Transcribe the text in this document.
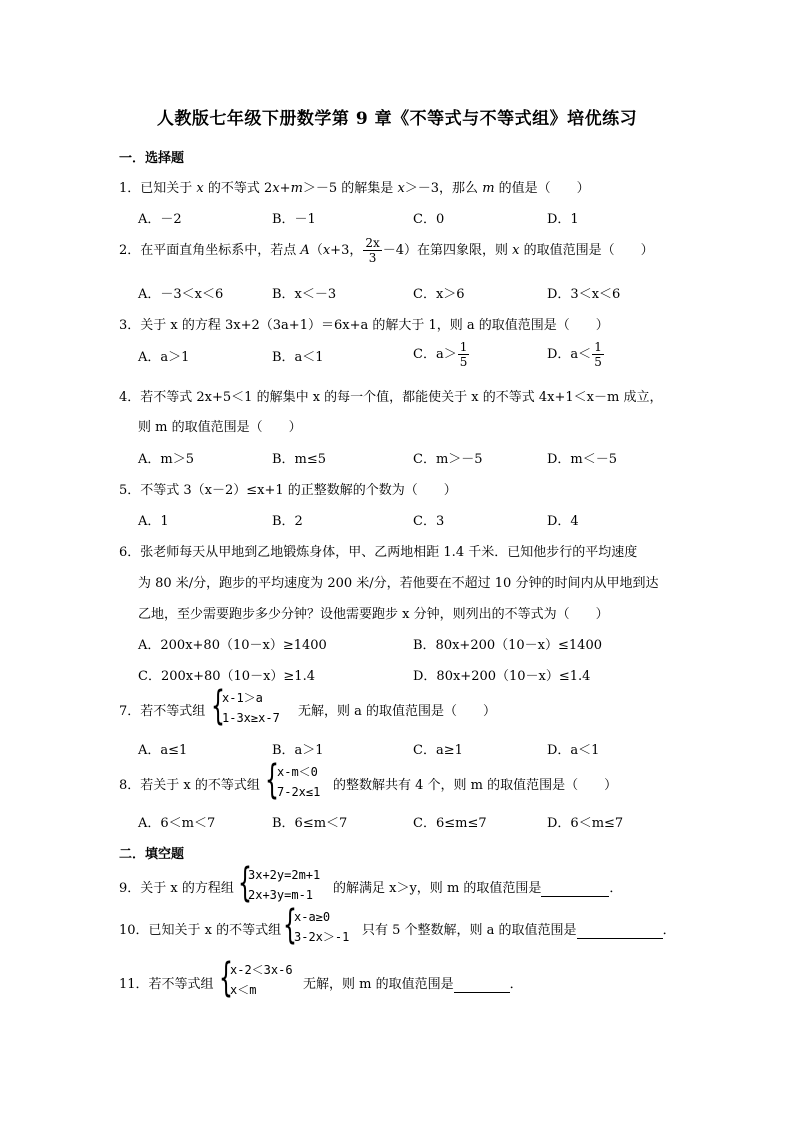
人教版七年级下册数学第 9 章《不等式与不等式组》培优练习
一．选择题
1．已知关于 x 的不等式 2x+m＞－5 的解集是 x＞－3，那么 m 的值是（　　）
A．－2	B．－1	C．0	D．1
2．在平面直角坐标系中，若点 A（x+3， $\frac{2x}{3} -4$）在第四象限，则 x 的取值范围是（　　）
A．－3＜x＜6	B．x＜－3	C．x＞6	D．3＜x＜6
3．关于 x 的方程 3x+2（3a+1）＝6x+a 的解大于 1，则 a 的取值范围是（　　）
A．a＞1	B．a＜1	C．$a> \frac{1}{5}$	D．$a< \frac{1}{5}$
4．若不等式 2x+5＜1 的解集中 x 的每一个值，都能使关于 x 的不等式 4x+1＜x－m 成立，
则 m 的取值范围是（　　）
A．m＞5	B．m≤5	C．m＞－5	D．m＜－5
5．不等式 3（x－2）≤x+1 的正整数解的个数为（　　）
A．1	B．2	C．3	D．4
6．张老师每天从甲地到乙地锻炼身体，甲、乙两地相距 1.4 千米．已知他步行的平均速度
为 80 米/分，跑步的平均速度为 200 米/分，若他要在不超过 10 分钟的时间内从甲地到达
乙地，至少需要跑步多少分钟？设他需要跑步 x 分钟，则列出的不等式为（　　）
A．200x+80（10－x）≥1400	B．80x+200（10－x）≤1400
C．200x+80（10－x）≥1.4	D．80x+200（10－x）≤1.4
7．若不等式组 {
x-1＞a
1-3x≥x-7 无解，则 a 的取值范围是（　　）
A．a≤1	B．a＞1	C．a≥1	D．a＜1
8．若关于 x 的不等式组 {
x-m＜0
7-2x≤1 的整数解共有 4 个，则 m 的取值范围是（　　）
A．6＜m＜7	B．6≤m＜7	C．6≤m≤7	D．6＜m≤7
二．填空题
9．关于 x 的方程组 {
3x+2y=2m+1
2x+3y=m-1	的解满足 x＞y，则 m 的取值范围是	．
10．已知关于 x 的不等式组 {
x-a≥0
3-2x＞-1 只有 5 个整数解，则 a 的取值范围是	．
11．若不等式组 {
x-2＜3x-6
x＜m	无解，则 m 的取值范围是	．
